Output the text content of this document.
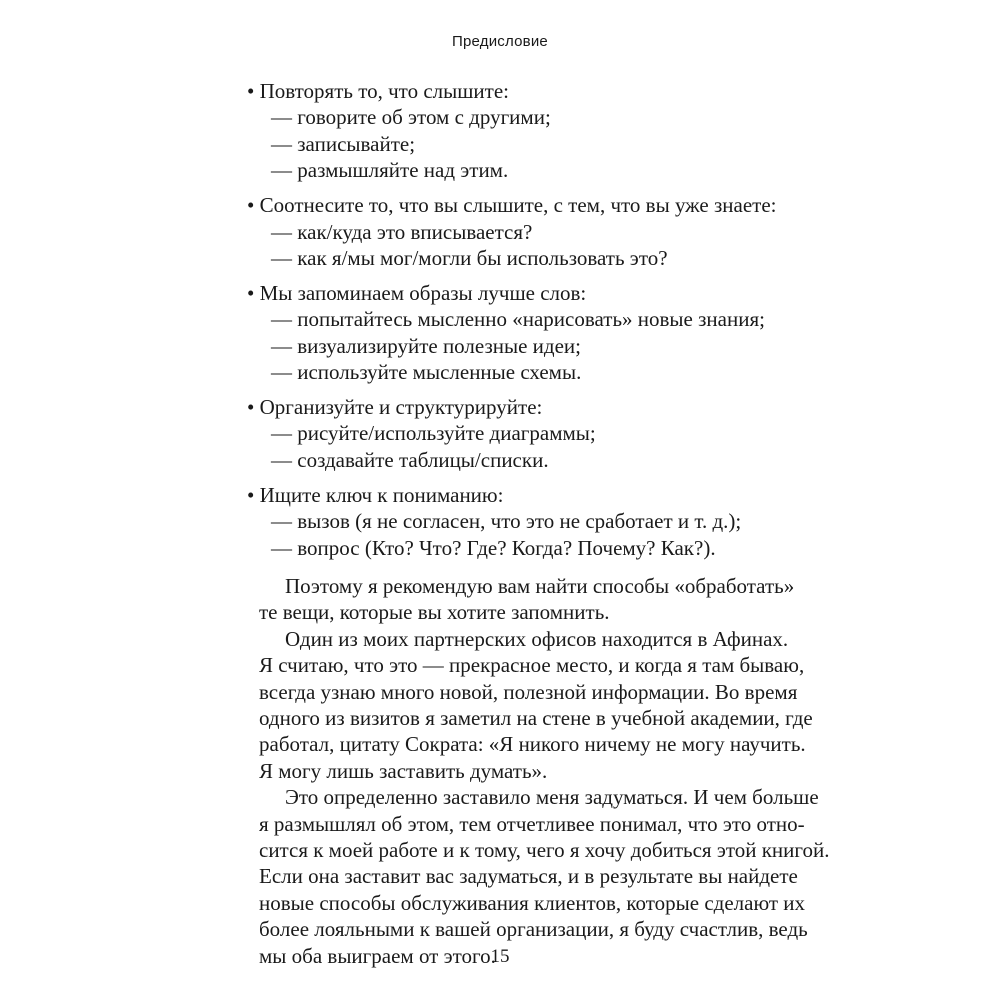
Предисловие
• Повторять то, что слышите:
— говорите об этом с другими;
— записывайте;
— размышляйте над этим.
• Соотнесите то, что вы слышите, с тем, что вы уже знаете:
— как/куда это вписывается?
— как я/мы мог/могли бы использовать это?
• Мы запоминаем образы лучше слов:
— попытайтесь мысленно «нарисовать» новые знания;
— визуализируйте полезные идеи;
— используйте мысленные схемы.
• Организуйте и структурируйте:
— рисуйте/используйте диаграммы;
— создавайте таблицы/списки.
• Ищите ключ к пониманию:
— вызов (я не согласен, что это не сработает и т. д.);
— вопрос (Кто? Что? Где? Когда? Почему? Как?).
Поэтому я рекомендую вам найти способы «обработать»
те вещи, которые вы хотите запомнить.
Один из моих партнерских офисов находится в Афинах.
Я считаю, что это — прекрасное место, и когда я там бываю,
всегда узнаю много новой, полезной информации. Во время
одного из визитов я заметил на стене в учебной академии, где
работал, цитату Сократа: «Я никого ничему не могу научить.
Я могу лишь заставить думать».
Это определенно заставило меня задуматься. И чем больше
я размышлял об этом, тем отчетливее понимал, что это отно-
сится к моей работе и к тому, чего я хочу добиться этой книгой.
Если она заставит вас задуматься, и в результате вы найдете
новые способы обслуживания клиентов, которые сделают их
более лояльными к вашей организации, я буду счастлив, ведь
мы оба выиграем от этого.
15
